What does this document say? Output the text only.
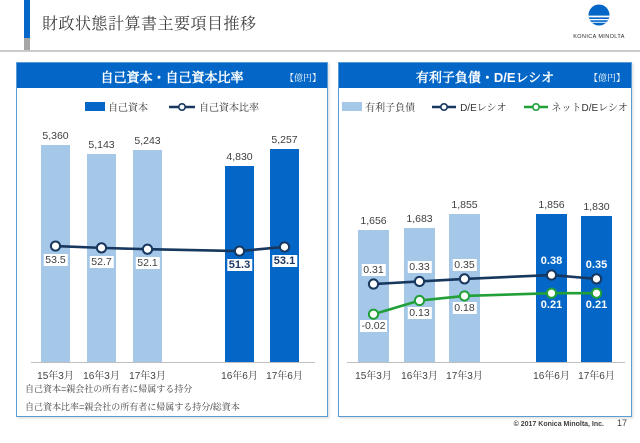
財政状態計算書主要項目推移
KONICA MINOLTA
自己資本・自己資本比率	【億円】
自己資本	自己資本比率
5,360
15年3月
5,143
16年3月
5,243
17年3月
4,830
16年6月
5,257
17年6月
53.5 52.7 52.1	51.3 53.1
自己資本=親会社の所有者に帰属する持分
自己資本比率=親会社の所有者に帰属する持分/総資本
有利子負債・D/Eレシオ	【億円】
有利子負債	D/Eレシオ	ネットD/Eレシオ
1,656
15年3月
1,683
16年3月
1,855
17年3月
1,856
16年6月
1,830
17年6月
0.31 0.33 0.35	0.38 0.35
-0.02
0.13 0.18	0.21 0.21
© 2017 Konica Minolta, Inc. 17
